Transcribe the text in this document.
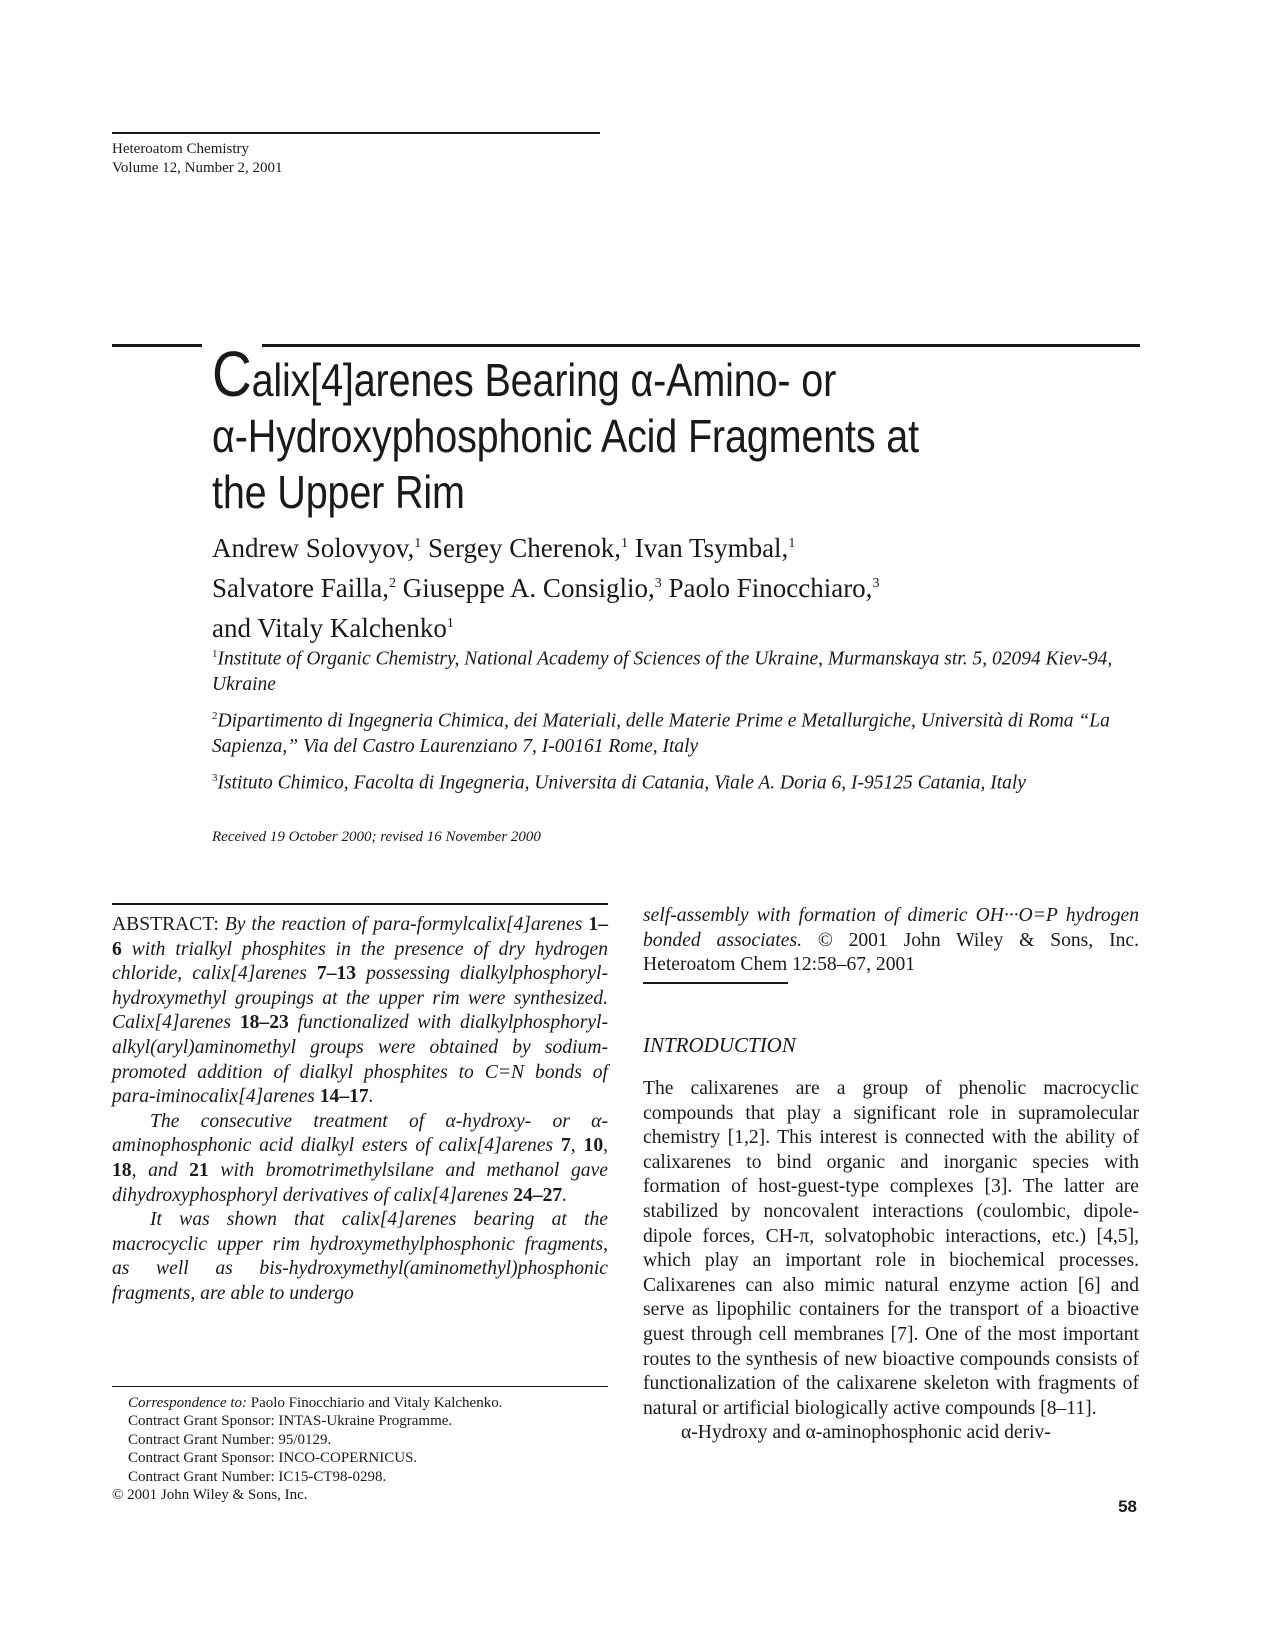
Heteroatom Chemistry
Volume 12, Number 2, 2001
Calix[4]arenes Bearing α-Amino- or
α-Hydroxyphosphonic Acid Fragments at
the Upper Rim
Andrew Solovyov,$^1$ Sergey Cherenok,$^1$ Ivan Tsymbal,$^1$
Salvatore Failla,$^2$ Giuseppe A. Consiglio,$^3$ Paolo Finocchiaro,$^3$
and Vitaly Kalchenko$^1$
$^1$Institute of Organic Chemistry, National Academy of Sciences of the Ukraine, Murmanskaya str. 5, 02094 Kiev-94, Ukraine
$^2$Dipartimento di Ingegneria Chimica, dei Materiali, delle Materie Prime e Metallurgiche, Università di Roma “La Sapienza,” Via del Castro Laurenziano 7, I-00161 Rome, Italy
$^3$Istituto Chimico, Facolta di Ingegneria, Universita di Catania, Viale A. Doria 6, I-95125 Catania, Italy
Received 19 October 2000; revised 16 November 2000

ABSTRACT: By the reaction of para-formylcalix[4]arenes 1–6 with trialkyl phosphites in the presence of dry hydrogen chloride, calix[4]arenes 7–13 possessing dialkylphosphoryl-hydroxymethyl groupings at the upper rim were synthesized. Calix[4]arenes 18–23 functionalized with dialkylphosphoryl-alkyl(aryl)aminomethyl groups were obtained by sodium-promoted addition of dialkyl phosphites to C=N bonds of para-iminocalix[4]arenes 14–17.

The consecutive treatment of α-hydroxy- or α-aminophosphonic acid dialkyl esters of calix[4]arenes 7, 10, 18, and 21 with bromotrimethylsilane and methanol gave dihydroxyphosphoryl derivatives of calix[4]arenes 24–27.

It was shown that calix[4]arenes bearing at the macrocyclic upper rim hydroxymethylphosphonic fragments, as well as bis-hydroxymethyl(aminomethyl)phosphonic fragments, are able to undergo

Correspondence to: Paolo Finocchiario and Vitaly Kalchenko.
Contract Grant Sponsor: INTAS-Ukraine Programme.
Contract Grant Number: 95/0129.
Contract Grant Sponsor: INCO-COPERNICUS.
Contract Grant Number: IC15-CT98-0298.
© 2001 John Wiley & Sons, Inc.

self-assembly with formation of dimeric OH···O=P hydrogen bonded associates. © 2001 John Wiley & Sons, Inc. Heteroatom Chem 12:58–67, 2001

INTRODUCTION

The calixarenes are a group of phenolic macrocyclic compounds that play a significant role in supramolecular chemistry [1,2]. This interest is connected with the ability of calixarenes to bind organic and inorganic species with formation of host-guest-type complexes [3]. The latter are stabilized by noncovalent interactions (coulombic, dipole-dipole forces, CH-π, solvatophobic interactions, etc.) [4,5], which play an important role in biochemical processes. Calixarenes can also mimic natural enzyme action [6] and serve as lipophilic containers for the transport of a bioactive guest through cell membranes [7]. One of the most important routes to the synthesis of new bioactive compounds consists of functionalization of the calixarene skeleton with fragments of natural or artificial biologically active compounds [8–11].

α-Hydroxy and α-aminophosphonic acid deriv-

58
